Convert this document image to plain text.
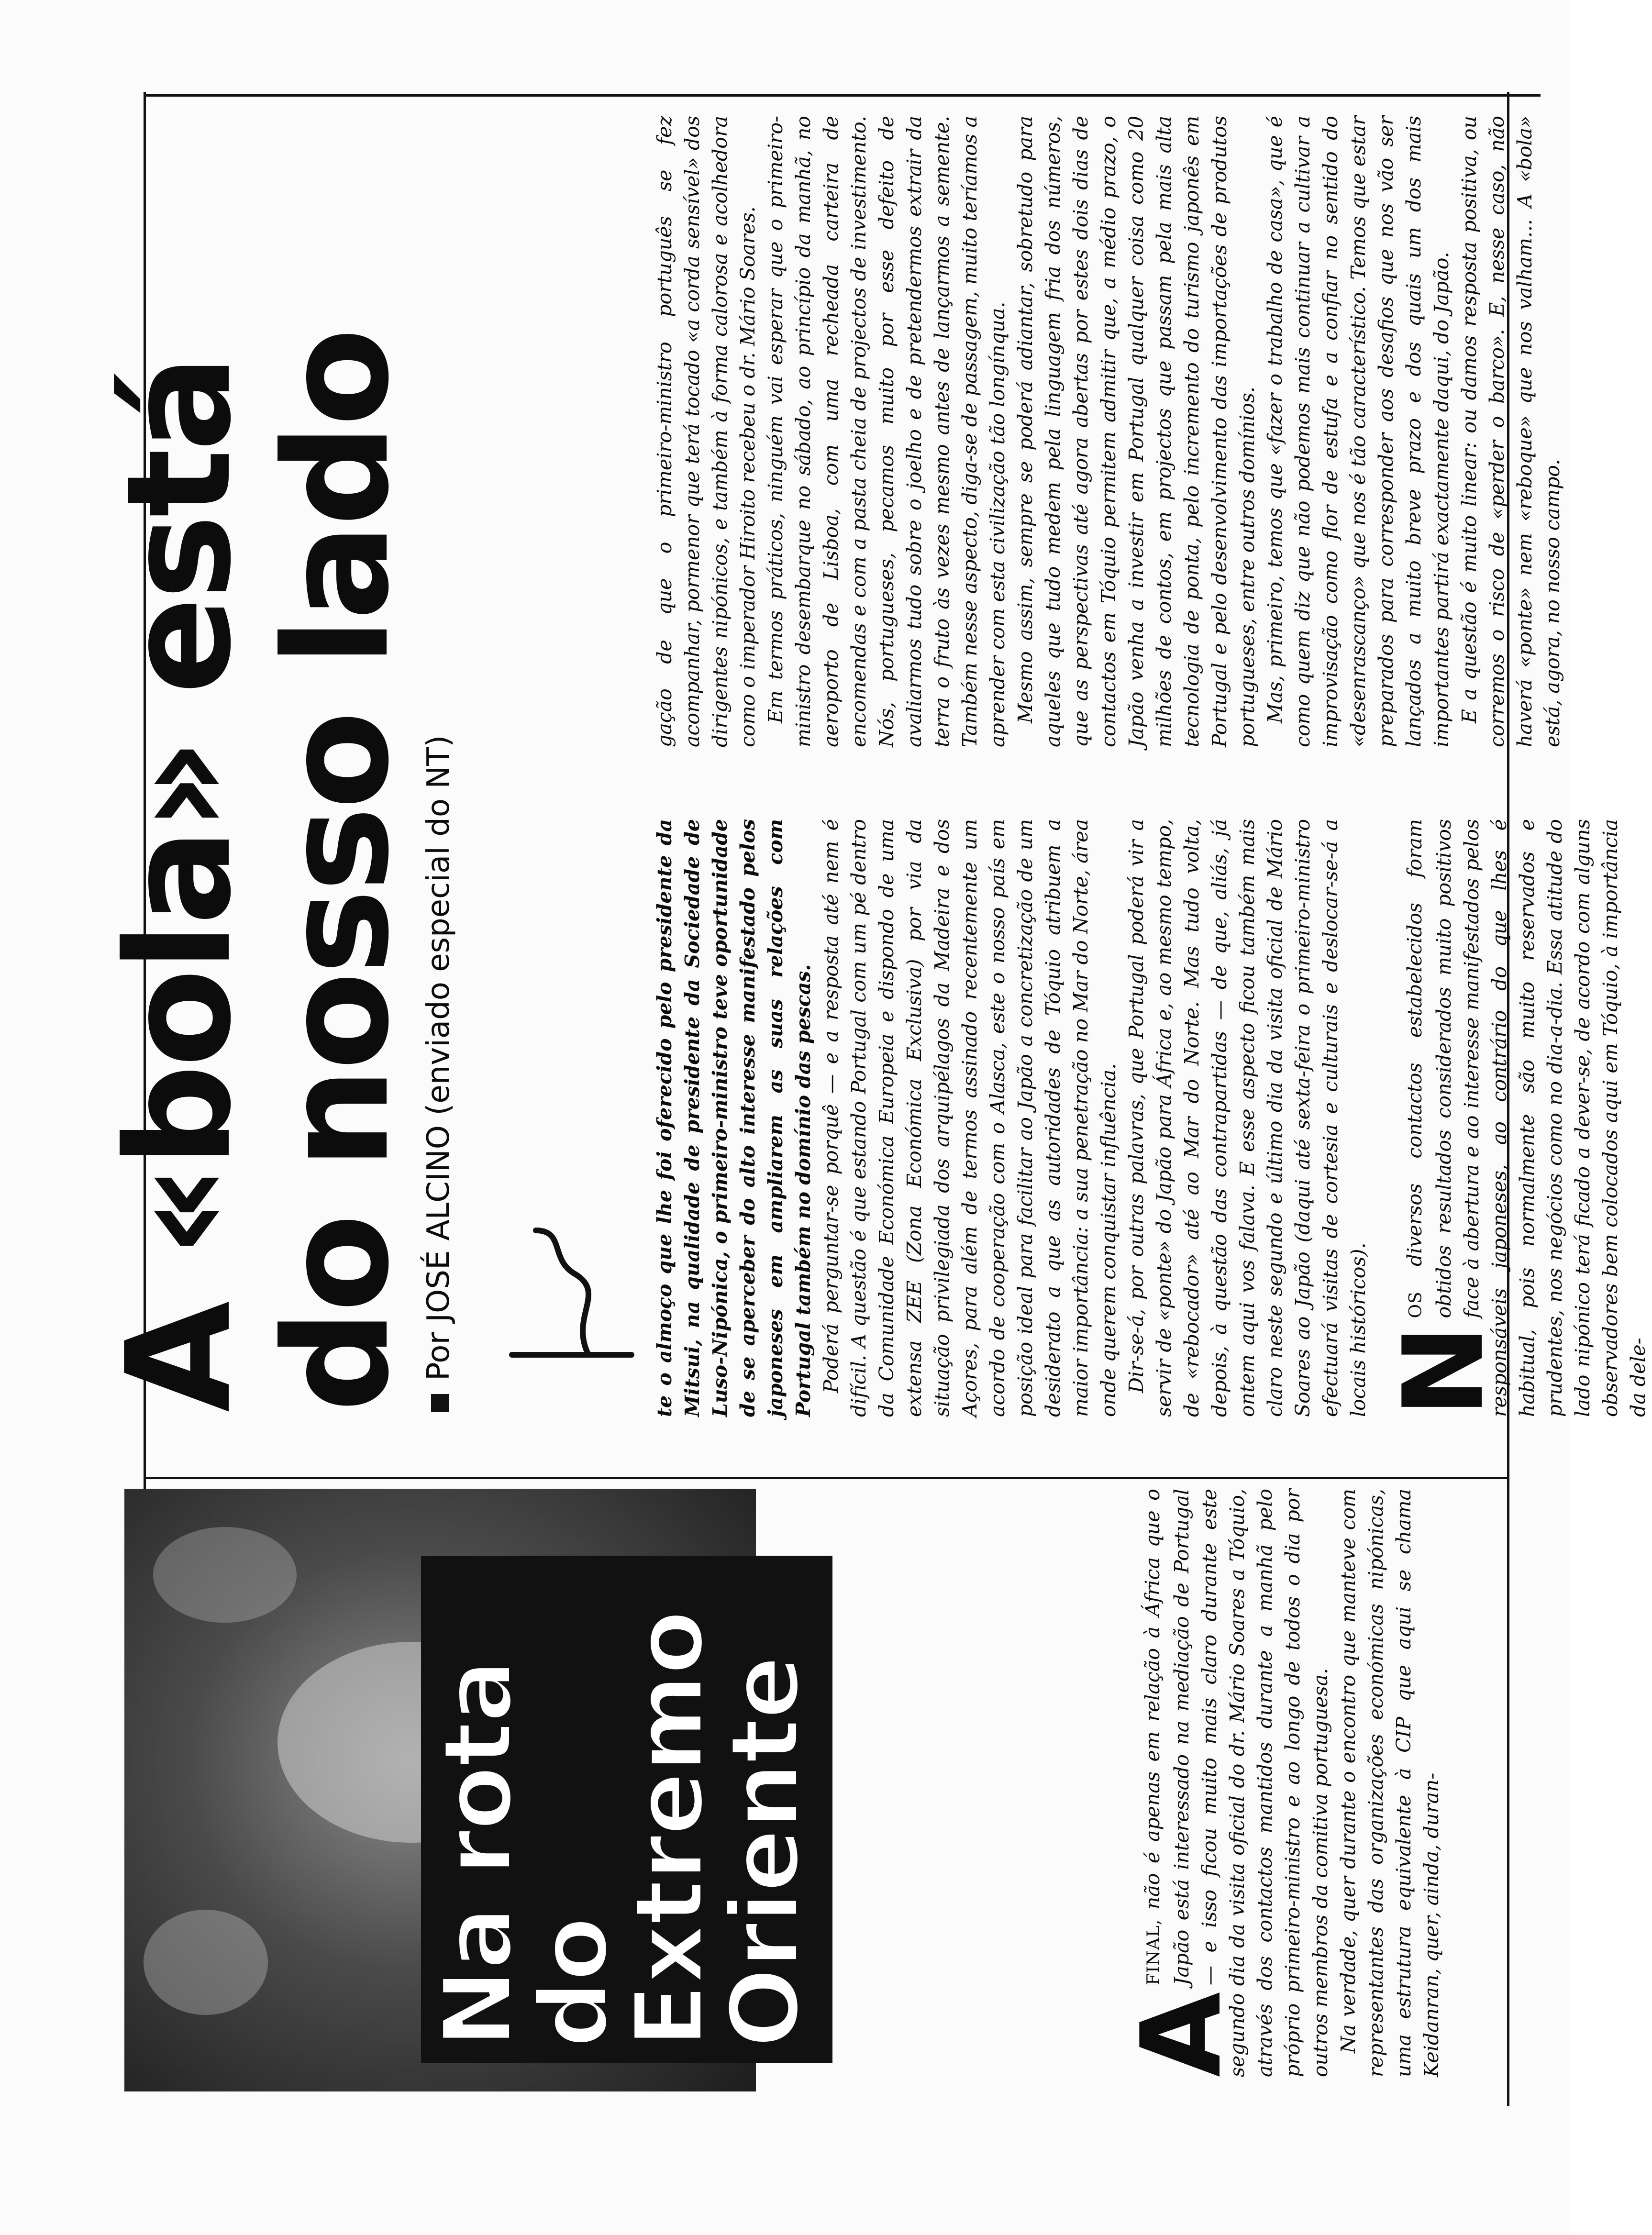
Na rota
do Extremo
Oriente	A

FINAL, não é apenas em relação à África que o Japão está interessado na mediação de Portugal — e isso ficou muito mais claro durante este segundo dia da visita oficial do dr. Mário Soares a Tóquio, através dos contactos mantidos durante a manhã pelo próprio primeiro-ministro e ao longo de todos o dia por outros membros da comitiva portuguesa. Na verdade, quer durante o encontro que manteve com representantes das organizações económicas nipónicas, uma estrutura equivalente à CIP que aqui se chama Keidanran, quer, ainda, duran-

A «bola» está
do nosso lado Por JOSÉ ALCINO (enviado especial do NT)	te o almoço que lhe foi oferecido pelo presidente da Mitsui, na qualidade de presidente da Sociedade de Luso-Nipónica, o primeiro-ministro teve oportunidade de se aperceber do alto interesse manifestado pelos japoneses em ampliarem as suas relações com Portugal também no domínio das pescas. Poderá perguntar-se porquê — e a resposta até nem é difícil. A questão é que estando Portugal com um pé dentro da Comunidade Económica Europeia e dispondo de uma extensa ZEE (Zona Económica Exclusiva) por via da situação privilegiada dos arquipélagos da Madeira e dos Açores, para além de termos assinado recentemente um acordo de cooperação com o Alasca, este o nosso país em posição ideal para facilitar ao Japão a concretização de um desiderato a que as autoridades de Tóquio atribuem a maior importância: a sua penetração no Mar do Norte, área onde querem conquistar influência. Dir-se-á, por outras palavras, que Portugal poderá vir a servir de «ponte» do Japão para África e, ao mesmo tempo, de «rebocador» até ao Mar do Norte. Mas tudo volta, depois, à questão das contrapartidas — de que, aliás, já ontem aqui vos falava. E esse aspecto ficou também mais claro neste segundo e último dia da visita oficial de Mário Soares ao Japão (daqui até sexta-feira o primeiro-ministro efectuará visitas de cortesia e culturais e deslocar-se-á a locais históricos). N

OS diversos contactos estabelecidos foram obtidos resultados considerados muito positivos face à abertura e ao interesse manifestados pelos responsáveis japoneses, ao contrário do que lhes é habitual, pois normalmente são muito reservados e prudentes, nos negócios como no dia-a-dia. Essa atitude do lado nipónico terá ficado a dever-se, de acordo com alguns observadores bem colocados aqui em Tóquio, à importância da dele-

gação de que o primeiro-ministro português se fez acompanhar, pormenor que terá tocado «a corda sensível» dos dirigentes nipónicos, e também à forma calorosa e acolhedora como o imperador Hiroito recebeu o dr. Mário Soares. Em termos práticos, ninguém vai esperar que o primeiro-ministro desembarque no sábado, ao princípio da manhã, no aeroporto de Lisboa, com uma recheada carteira de encomendas e com a pasta cheia de projectos de investimento. Nós, portugueses, pecamos muito por esse defeito de avaliarmos tudo sobre o joelho e de pretendermos extrair da terra o fruto às vezes mesmo antes de lançarmos a semente. Também nesse aspecto, diga-se de passagem, muito teríamos a aprender com esta civilização tão longínqua. Mesmo assim, sempre se poderá adiantar, sobretudo para aqueles que tudo medem pela linguagem fria dos números, que as perspectivas até agora abertas por estes dois dias de contactos em Tóquio permitem admitir que, a médio prazo, o Japão venha a investir em Portugal qualquer coisa como 20 milhões de contos, em projectos que passam pela mais alta tecnologia de ponta, pelo incremento do turismo japonês em Portugal e pelo desenvolvimento das importações de produtos portugueses, entre outros domínios. Mas, primeiro, temos que «fazer o trabalho de casa», que é como quem diz que não podemos mais continuar a cultivar a improvisação como flor de estufa e a confiar no sentido do «desenrascanço» que nos é tão característico. Temos que estar preparados para corresponder aos desafios que nos vão ser lançados a muito breve prazo e dos quais um dos mais importantes partirá exactamente daqui, do Japão. E a questão é muito linear: ou damos resposta positiva, ou corremos o risco de «perder o barco». E, nesse caso, não haverá «ponte» nem «reboque» que nos valham... A «bola» está, agora, no nosso campo.
